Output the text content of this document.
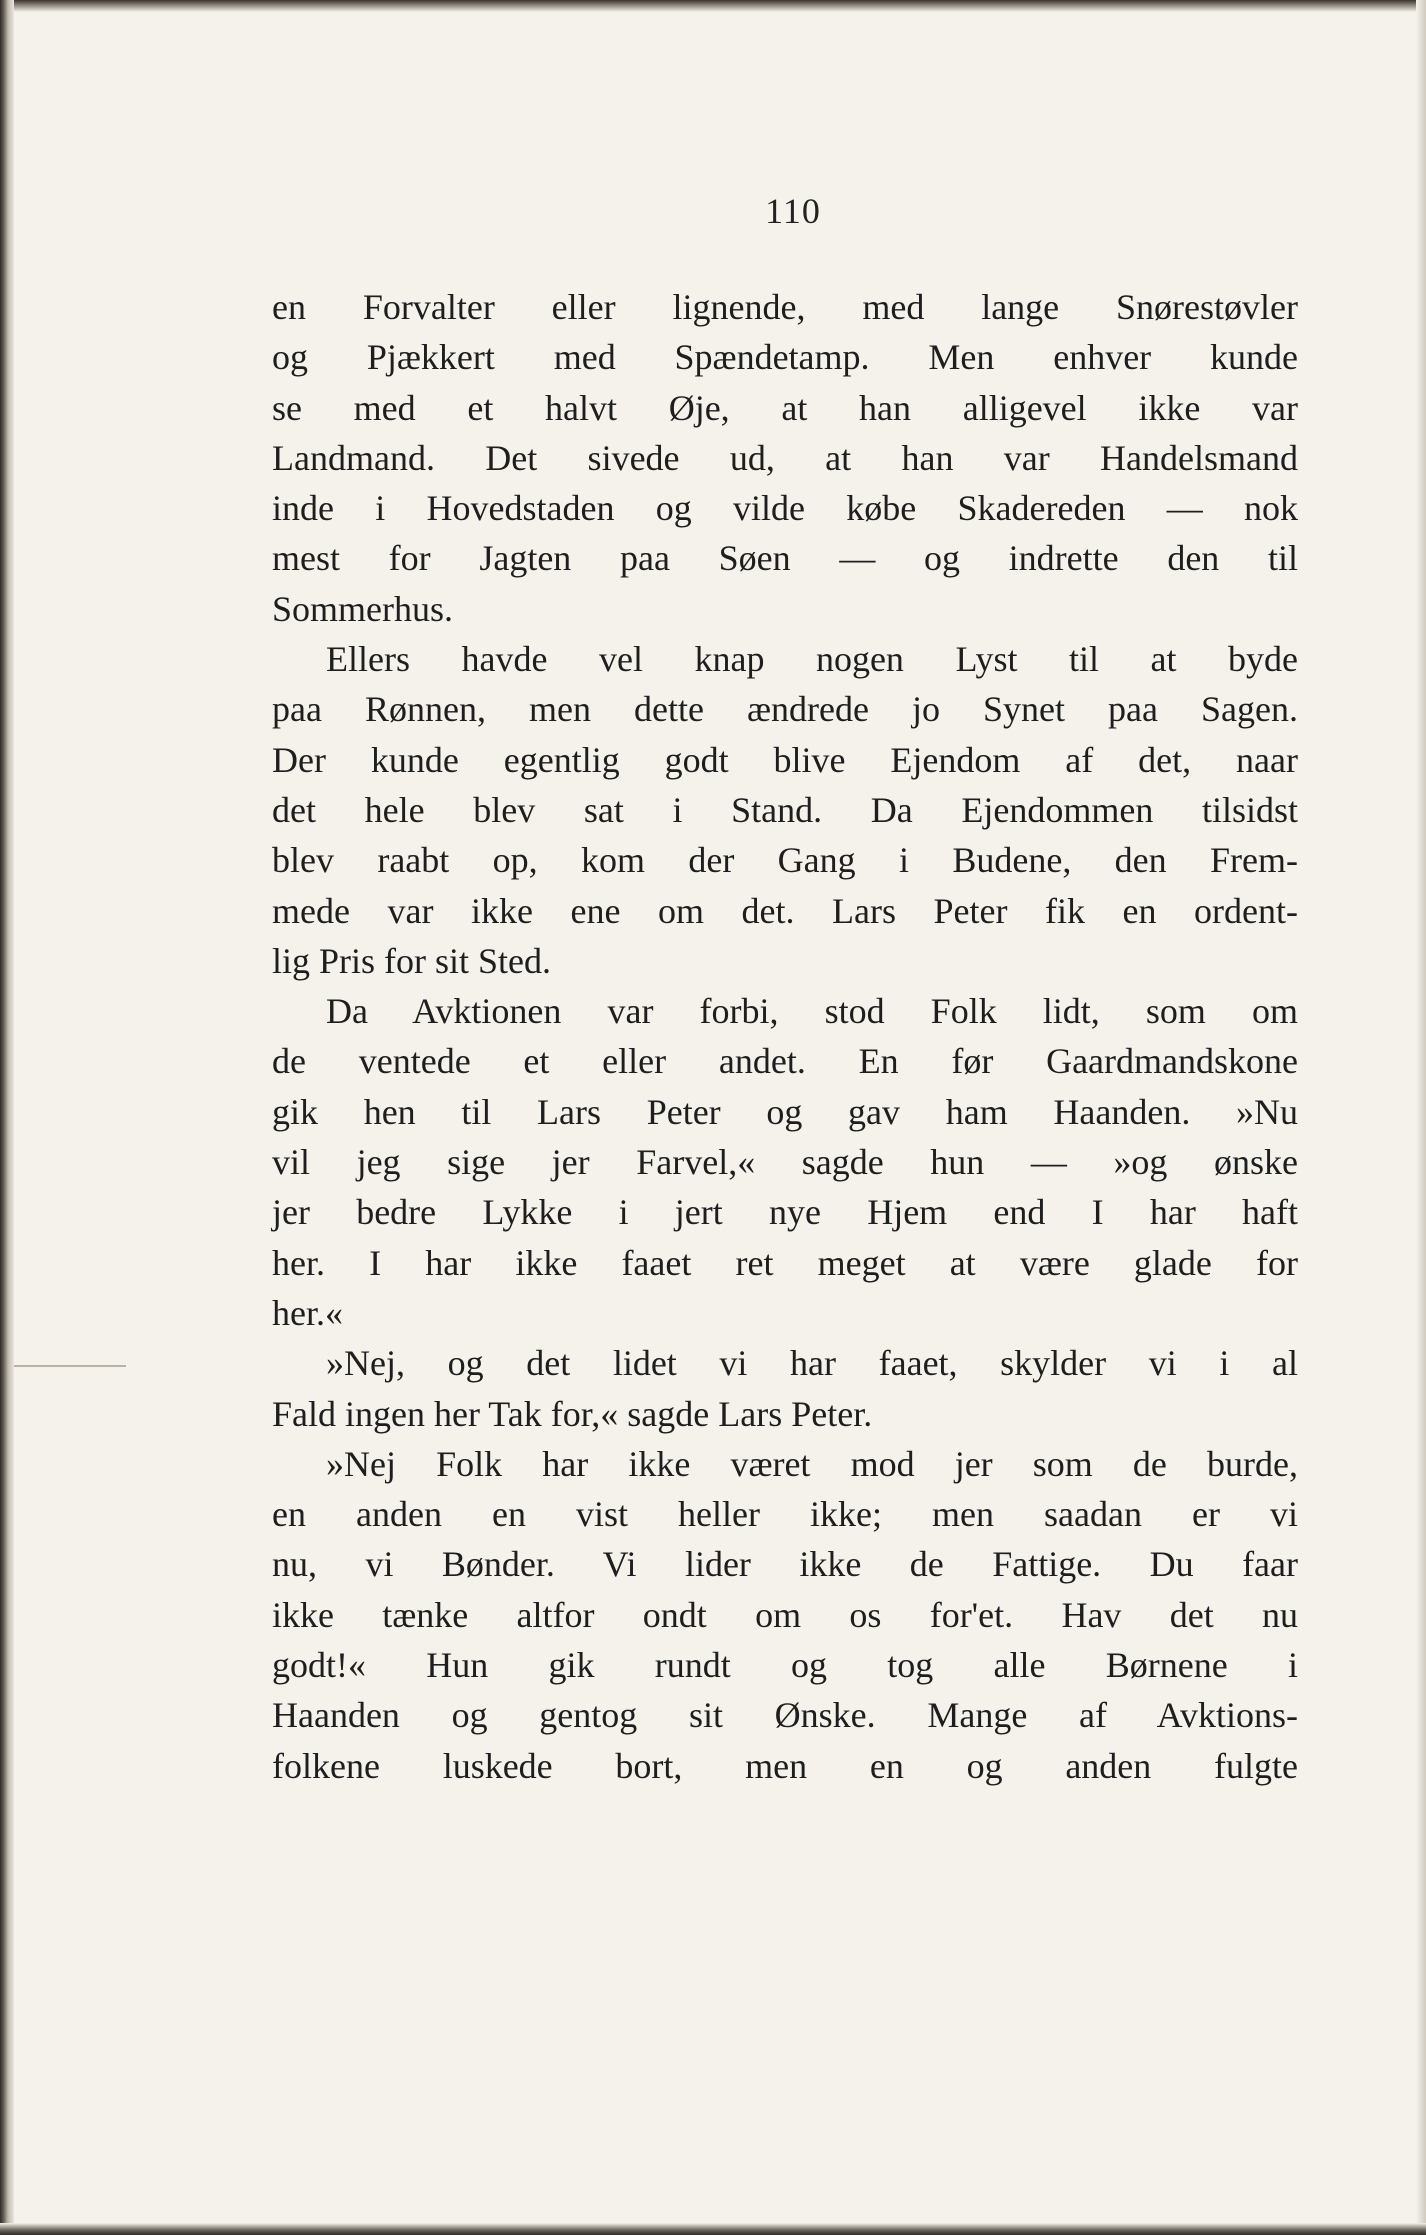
110
en Forvalter eller lignende, med lange Snørestøvler
og Pjækkert med Spændetamp. Men enhver kunde
se med et halvt Øje, at han alligevel ikke var
Landmand. Det sivede ud, at han var Handelsmand
inde i Hovedstaden og vilde købe Skadereden — nok
mest for Jagten paa Søen — og indrette den til
Sommerhus.
Ellers havde vel knap nogen Lyst til at byde
paa Rønnen, men dette ændrede jo Synet paa Sagen.
Der kunde egentlig godt blive Ejendom af det, naar
det hele blev sat i Stand. Da Ejendommen tilsidst
blev raabt op, kom der Gang i Budene, den Frem-
mede var ikke ene om det. Lars Peter fik en ordent-
lig Pris for sit Sted.
Da Avktionen var forbi, stod Folk lidt, som om
de ventede et eller andet. En før Gaardmandskone
gik hen til Lars Peter og gav ham Haanden. »Nu
vil jeg sige jer Farvel,« sagde hun — »og ønske
jer bedre Lykke i jert nye Hjem end I har haft
her. I har ikke faaet ret meget at være glade for
her.«
»Nej, og det lidet vi har faaet, skylder vi i al
Fald ingen her Tak for,« sagde Lars Peter.
»Nej Folk har ikke været mod jer som de burde,
en anden en vist heller ikke; men saadan er vi
nu, vi Bønder. Vi lider ikke de Fattige. Du faar
ikke tænke altfor ondt om os for'et. Hav det nu
godt!« Hun gik rundt og tog alle Børnene i
Haanden og gentog sit Ønske. Mange af Avktions-
folkene luskede bort, men en og anden fulgte
